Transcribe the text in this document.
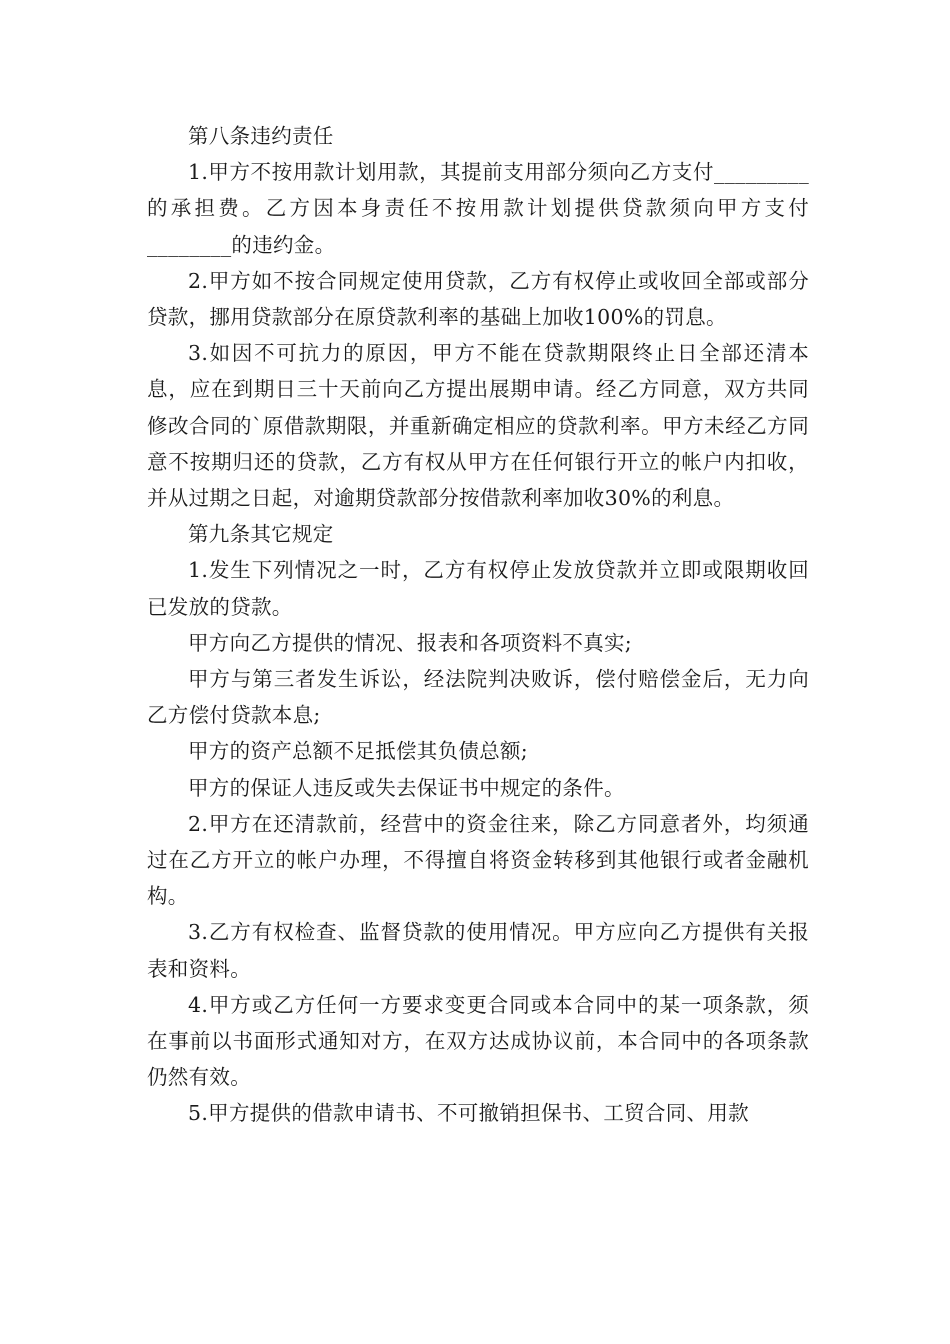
第八条违约责任

1.甲方不按用款计划用款，其提前支用部分须向乙方支付_________的承担费。乙方因本身责任不按用款计划提供贷款须向甲方支付________的违约金。

2.甲方如不按合同规定使用贷款，乙方有权停止或收回全部或部分贷款，挪用贷款部分在原贷款利率的基础上加收100%的罚息。

3.如因不可抗力的原因，甲方不能在贷款期限终止日全部还清本息，应在到期日三十天前向乙方提出展期申请。经乙方同意，双方共同修改合同的`原借款期限，并重新确定相应的贷款利率。甲方未经乙方同意不按期归还的贷款，乙方有权从甲方在任何银行开立的帐户内扣收，并从过期之日起，对逾期贷款部分按借款利率加收30%的利息。

第九条其它规定

1.发生下列情况之一时，乙方有权停止发放贷款并立即或限期收回已发放的贷款。

甲方向乙方提供的情况、报表和各项资料不真实;

甲方与第三者发生诉讼，经法院判决败诉，偿付赔偿金后，无力向乙方偿付贷款本息;

甲方的资产总额不足抵偿其负债总额;

甲方的保证人违反或失去保证书中规定的条件。

2.甲方在还清款前，经营中的资金往来，除乙方同意者外，均须通过在乙方开立的帐户办理，不得擅自将资金转移到其他银行或者金融机构。

3.乙方有权检查、监督贷款的使用情况。甲方应向乙方提供有关报表和资料。

4.甲方或乙方任何一方要求变更合同或本合同中的某一项条款，须在事前以书面形式通知对方，在双方达成协议前，本合同中的各项条款仍然有效。

5.甲方提供的借款申请书、不可撤销担保书、工贸合同、用款
